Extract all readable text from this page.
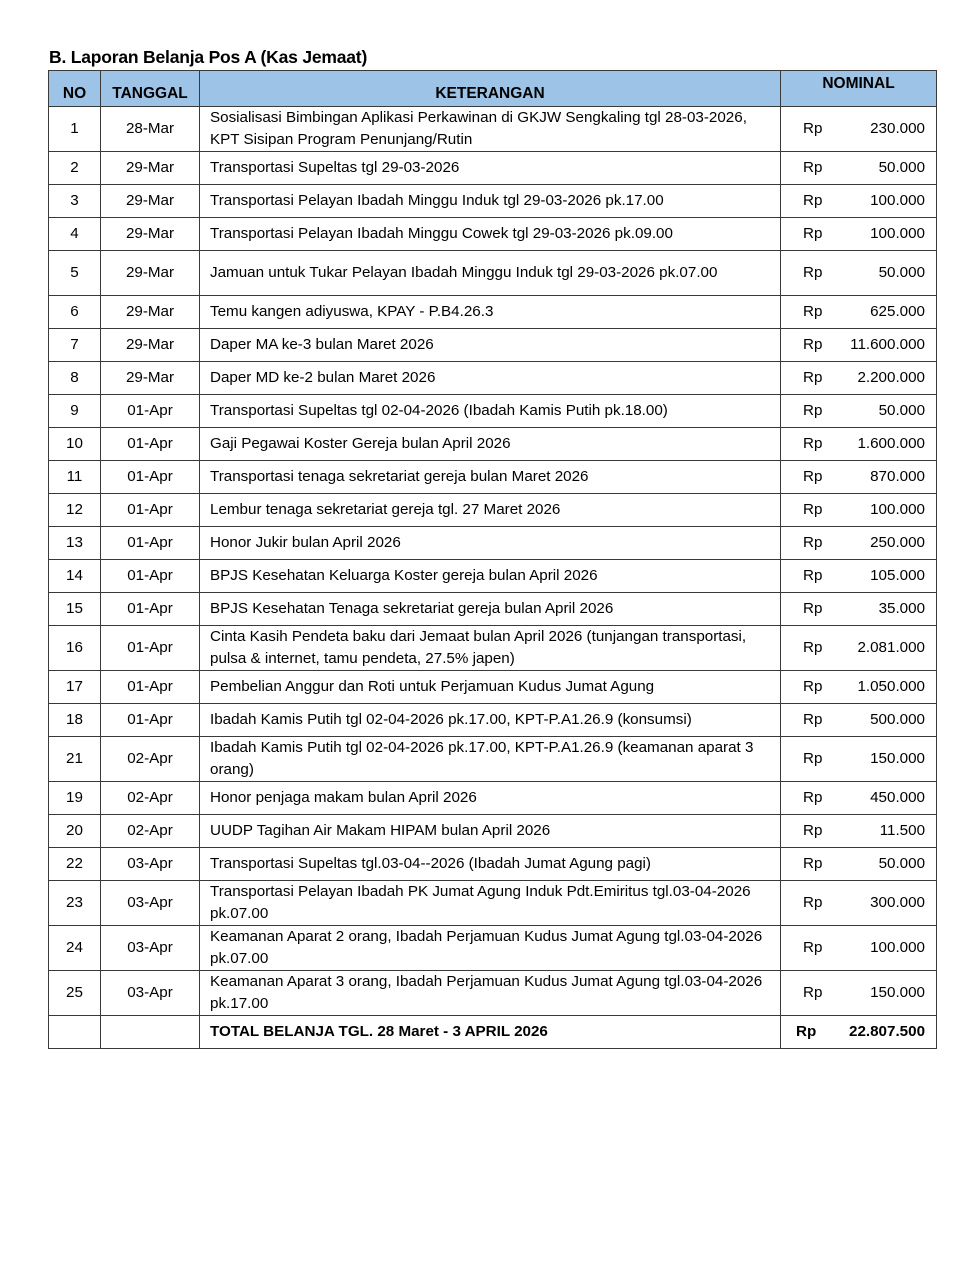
B. Laporan Belanja Pos A (Kas Jemaat)
NO	TANGGAL	KETERANGAN	NOMINAL	
1	28-Mar	Sosialisasi Bimbingan Aplikasi Perkawinan di GKJW Sengkaling tgl 28-03-2026, KPT Sisipan Program Penunjang/Rutin	Rp	230.000
2	29-Mar	Transportasi Supeltas tgl 29-03-2026	Rp	50.000
3	29-Mar	Transportasi Pelayan Ibadah Minggu Induk tgl 29-03-2026 pk.17.00	Rp	100.000
4	29-Mar	Transportasi Pelayan Ibadah Minggu Cowek tgl 29-03-2026 pk.09.00	Rp	100.000
5	29-Mar	Jamuan untuk Tukar Pelayan Ibadah Minggu Induk tgl 29-03-2026 pk.07.00	Rp	50.000
6	29-Mar	Temu kangen adiyuswa, KPAY - P.B4.26.3	Rp	625.000
7	29-Mar	Daper MA ke-3 bulan Maret 2026	Rp	11.600.000
8	29-Mar	Daper MD ke-2 bulan Maret 2026	Rp	2.200.000
9	01-Apr	Transportasi Supeltas tgl 02-04-2026 (Ibadah Kamis Putih pk.18.00)	Rp	50.000
10	01-Apr	Gaji Pegawai Koster Gereja bulan April 2026	Rp	1.600.000
11	01-Apr	Transportasi tenaga sekretariat gereja bulan Maret 2026	Rp	870.000
12	01-Apr	Lembur tenaga sekretariat gereja tgl. 27 Maret 2026	Rp	100.000
13	01-Apr	Honor Jukir bulan April 2026	Rp	250.000
14	01-Apr	BPJS Kesehatan Keluarga Koster gereja bulan April 2026	Rp	105.000
15	01-Apr	BPJS Kesehatan Tenaga sekretariat gereja bulan April 2026	Rp	35.000
16	01-Apr	Cinta Kasih Pendeta baku dari Jemaat bulan April 2026 (tunjangan transportasi, pulsa & internet, tamu pendeta, 27.5% japen)	Rp	2.081.000
17	01-Apr	Pembelian Anggur dan Roti untuk Perjamuan Kudus Jumat Agung	Rp	1.050.000
18	01-Apr	Ibadah Kamis Putih tgl 02-04-2026 pk.17.00, KPT-P.A1.26.9 (konsumsi)	Rp	500.000
21	02-Apr	Ibadah Kamis Putih tgl 02-04-2026 pk.17.00, KPT-P.A1.26.9 (keamanan aparat 3 orang)	Rp	150.000
19	02-Apr	Honor penjaga makam bulan April 2026	Rp	450.000
20	02-Apr	UUDP Tagihan Air Makam HIPAM bulan April 2026	Rp	11.500
22	03-Apr	Transportasi Supeltas tgl.03-04--2026 (Ibadah Jumat Agung pagi)	Rp	50.000
23	03-Apr	Transportasi Pelayan Ibadah PK Jumat Agung Induk Pdt.Emiritus tgl.03-04-2026 pk.07.00	Rp	300.000
24	03-Apr	Keamanan Aparat 2 orang, Ibadah Perjamuan Kudus Jumat Agung tgl.03-04-2026 pk.07.00	Rp	100.000
25	03-Apr	Keamanan Aparat 3 orang, Ibadah Perjamuan Kudus Jumat Agung tgl.03-04-2026 pk.17.00	Rp	150.000
		TOTAL BELANJA TGL. 28 Maret - 3 APRIL 2026	Rp	22.807.500
